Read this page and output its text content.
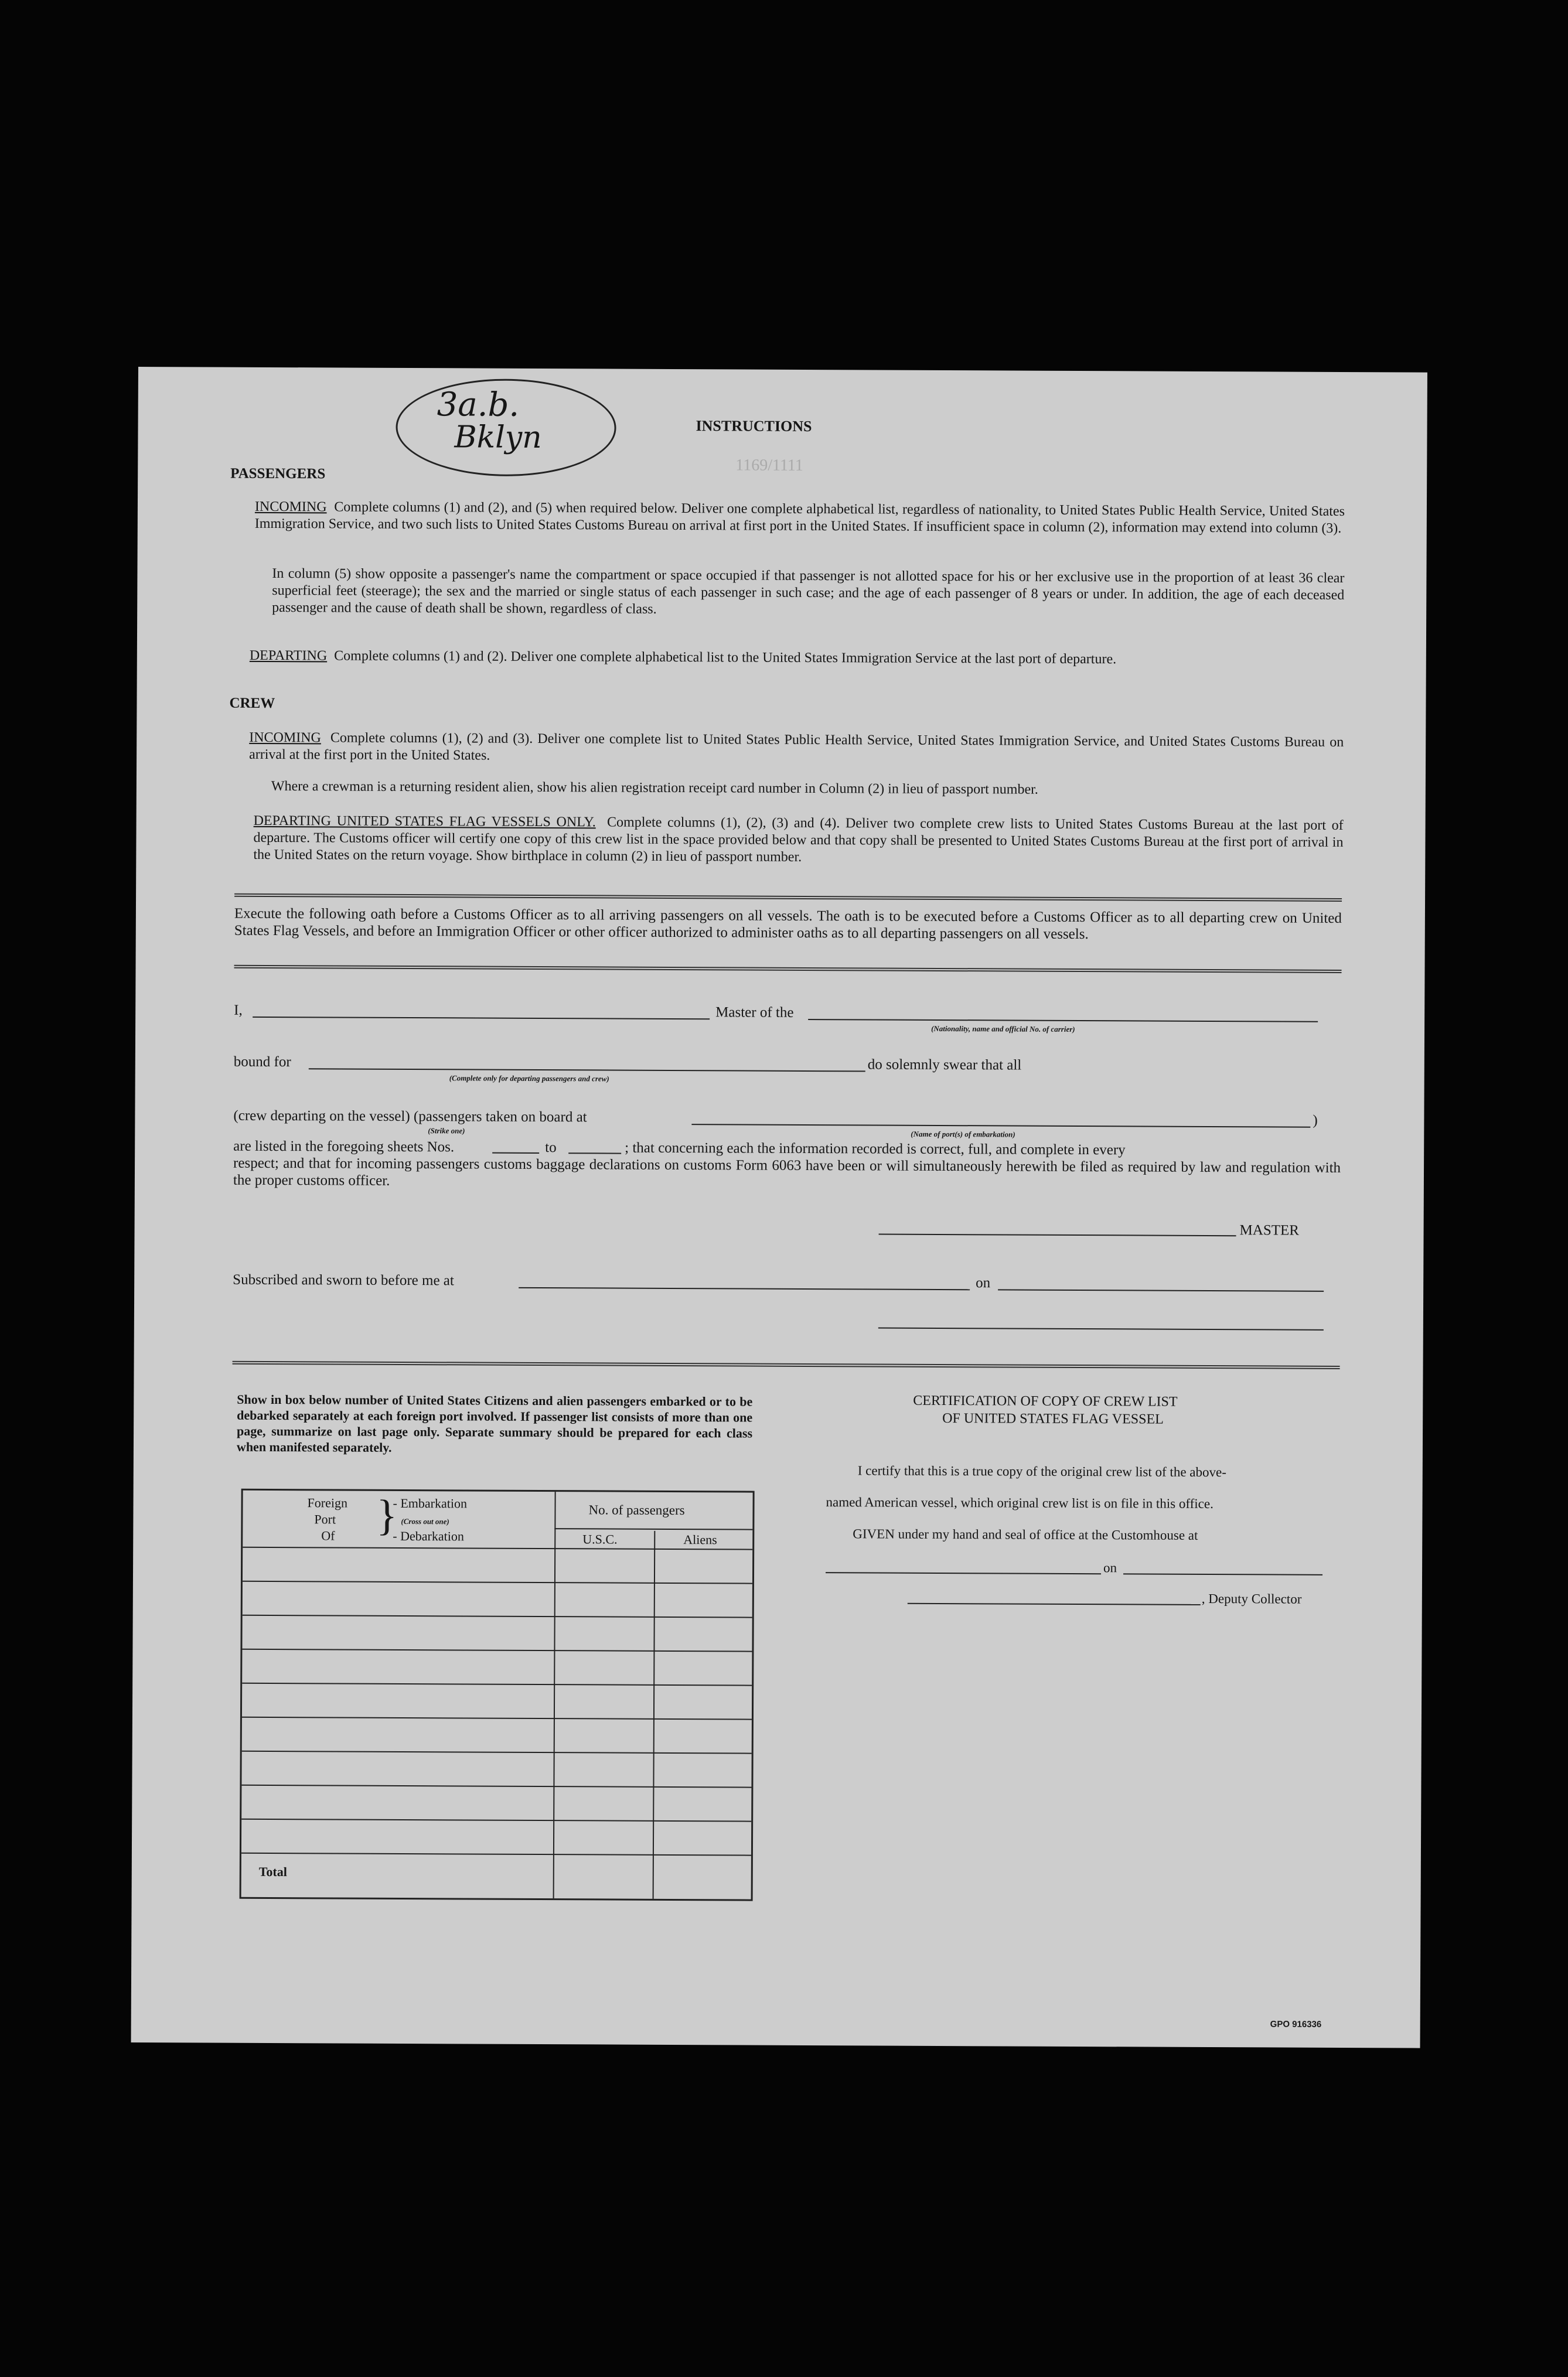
3a.b.
Bklyn	INSTRUCTIONS
1169/1111
PASSENGERS
INCOMING Complete columns (1) and (2), and (5) when required below. Deliver one complete alphabetical list, regardless of nationality, to United States Public Health Service, United States Immigration Service, and two such lists to United States Customs Bureau on arrival at first port in the United States. If insufficient space in column (2), information may extend into column (3).
In column (5) show opposite a passenger's name the compartment or space occupied if that passenger is not allotted space for his or her exclusive use in the proportion of at least 36 clear superficial feet (steerage); the sex and the married or single status of each passenger in such case; and the age of each passenger of 8 years or under. In addition, the age of each deceased passenger and the cause of death shall be shown, regardless of class.
DEPARTING Complete columns (1) and (2). Deliver one complete alphabetical list to the United States Immigration Service at the last port of departure.
CREW
INCOMING Complete columns (1), (2) and (3). Deliver one complete list to United States Public Health Service, United States Immigration Service, and United States Customs Bureau on arrival at the first port in the United States.
Where a crewman is a returning resident alien, show his alien registration receipt card number in Column (2) in lieu of passport number.
DEPARTING UNITED STATES FLAG VESSELS ONLY. Complete columns (1), (2), (3) and (4). Deliver two complete crew lists to United States Customs Bureau at the last port of departure. The Customs officer will certify one copy of this crew list in the space provided below and that copy shall be presented to United States Customs Bureau at the first port of arrival in the United States on the return voyage. Show birthplace in column (2) in lieu of passport number.
Execute the following oath before a Customs Officer as to all arriving passengers on all vessels. The oath is to be executed before a Customs Officer as to all departing crew on United States Flag Vessels, and before an Immigration Officer or other officer authorized to administer oaths as to all departing passengers on all vessels.
I,	Master of the
(Nationality, name and official No. of carrier)
bound for
(Complete only for departing passengers and crew)
do solemnly swear that all
(crew departing on the vessel) (passengers taken on board at
(Strike one)	(Name of port(s) of embarkation)
)
are listed in the foregoing sheets Nos.	to	; that concerning each the information recorded is correct, full, and complete in every
respect; and that for incoming passengers customs baggage declarations on customs Form 6063 have been or will simultaneously herewith be filed as required by law and regulation with the proper customs officer.
MASTER
Subscribed and sworn to before me at	on
Show in box below number of United States Citizens and alien passengers embarked or to be debarked separately at each foreign port involved. If passenger list consists of more than one page, summarize on last page only. Separate summary should be prepared for each class when manifested separately.
Foreign
Port
Of }
- Embarkation
(Cross out one)
- Debarkation
No. of passengers
U.S.C.	Aliens
Total
CERTIFICATION OF COPY OF CREW LIST
OF UNITED STATES FLAG VESSEL
I certify that this is a true copy of the original crew list of the above-
named American vessel, which original crew list is on file in this office.
GIVEN under my hand and seal of office at the Customhouse at
on
, Deputy Collector
GPO 916336
